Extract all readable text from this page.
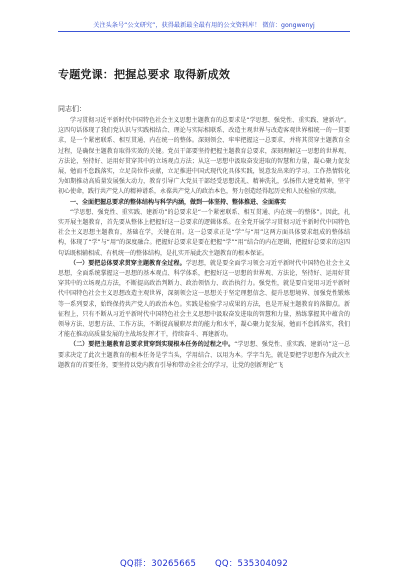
关注头条号“公文研究”，获得最新最全最有用的公文资料库！ 微信：gongwenyj
专题党课：把握总要求 取得新成效
同志们：

学习贯彻习近平新时代中国特色社会主义思想主题教育的总要求是“学思想、强党性、重实践、建新功”。这四句话体现了我们党认识与实践相结合、理论与实际相联系、改造主观世界与改造客观世界相统一的一贯要求，是一个紧密联系、相互贯通、内在统一的整体。深刻领会、牢牢把握这一总要求，并将其贯穿主题教育全过程，是确保主题教育取得实效的关键。党员干部要坚持把握主题教育总要求，深刻理解这一思想的世界观、方法论，坚持好、运用好贯穿其中的立场观点方法；从这一思想中汲取奋发进取的智慧和力量，凝心聚力促发展，勉而不怠践落实，立足岗位作贡献，立足推进中国式现代化具体实践，锐意发出来的学习。工作热情转化为如期推动高质量发展强大动力，教育引导广大党员干部经受思想洗礼、精神洗礼，弘扬伟大建党精神，坚守初心使命，践行共产党人的精神谱系，永葆共产党人的政治本色，努力创造经得起历史和人民检验的实绩。

一、全面把握总要求的整体结构与科学内涵，做到一体坚持、整体推进、全面落实

“学思想、强党性、重实践、建新功”的总要求是“一个紧密联系、相互贯通、内在统一的整体”。因此，扎实开展主题教育，首先要从整体上把握好这一总要求的逻辑体系。在全党开展学习贯彻习近平新时代中国特色社会主义思想主题教育，基础在学，关键在用。这一总要求正是“学”与“用”这两方面具体要求组成的整体结构，体现了“学”与“用”的深度融合。把握好总要求是要在把握“学”“用”结合的内在逻辑，把握好总要求的这四句话既相辅相成、有机统一的整体结构，是扎实开展此次主题教育的根本保证。

（一）要把总体要求贯穿主题教育全过程。学思想，就是要全面学习领会习近平新时代中国特色社会主义思想，全面系统掌握这一思想的基本观点、科学体系，把握好这一思想的世界观、方法论，坚持好、运用好贯穿其中的立场观点方法，不断提高政治判断力、政治领悟力、政治执行力。强党性，就是要自觉用习近平新时代中国特色社会主义思想改造主观世界，深刻领会这一思想关于坚定理想信念、提升思想境界、加强党性锻炼等一系列要求，始终保持共产党人的政治本色。实践是检验学习成果的方法，也是开展主题教育的落脚点。新征程上，只有不断从习近平新时代中国特色社会主义思想中汲取奋发进取的智慧和力量，熟练掌握其中蕴含的领导方法、思想方法、工作方法，不断提高履职尽责的能力和水平，凝心聚力促发展，勉而不怠抓落实，我们才能在推动高质量发展的主战场发挥才干，持续奋斗、再建新功。

（二）要把主题教育总要求贯穿到实现根本任务的过程之中。“学思想、强党性、重实践、建新功”这一总要求决定了此次主题教育的根本任务是学当头，学用结合、以用为本。学字当先，就是要把学思想作为此次主题教育的首要任务，要坚持以党内教育引导和带动全社会的学习，让党的创新理论“飞

QQ群：30265665 QQ：535304092
